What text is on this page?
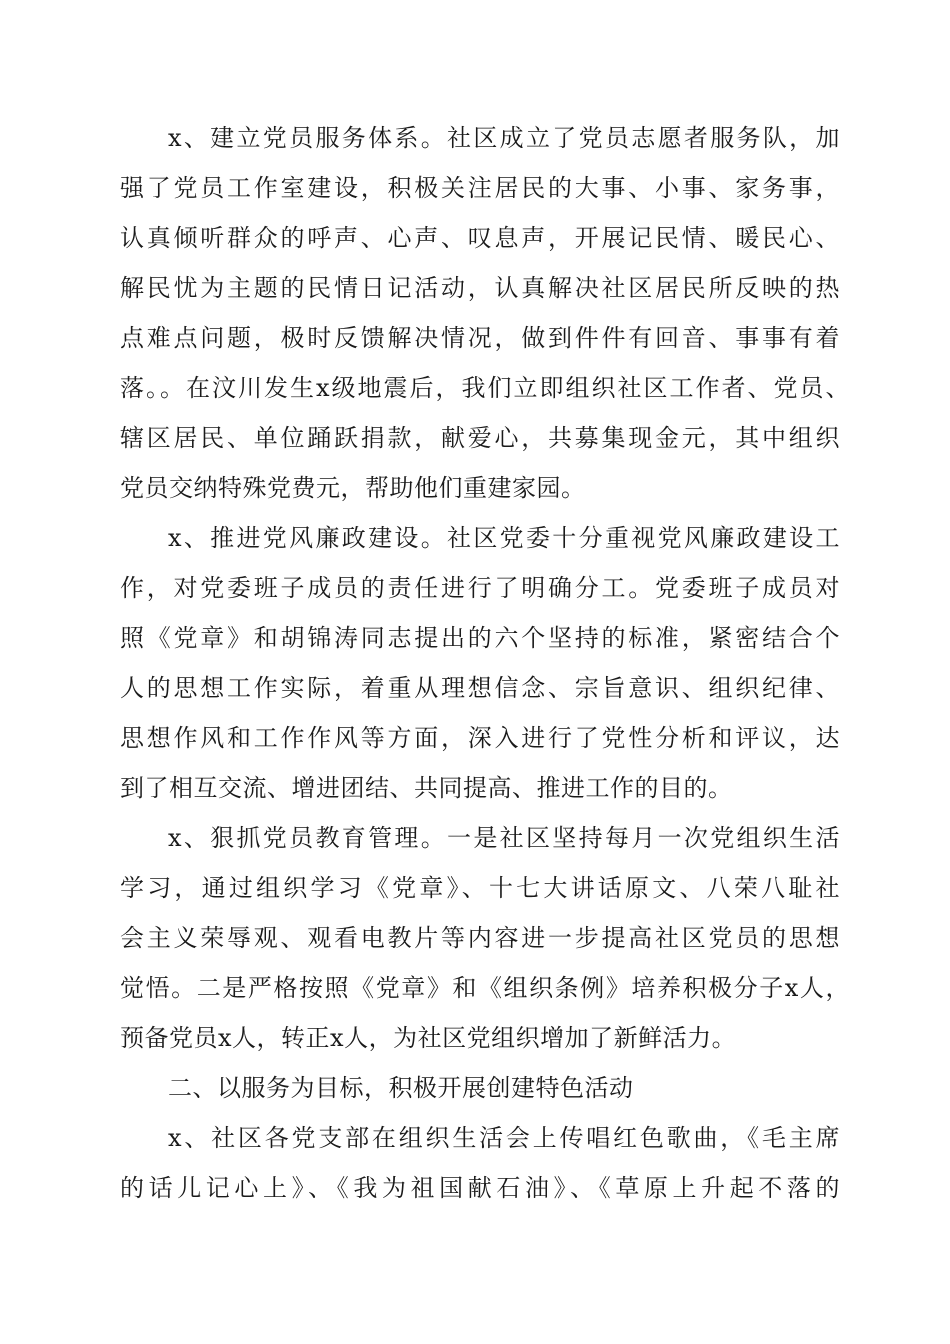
x、建立党员服务体系。社区成立了党员志愿者服务队，加
强了党员工作室建设，积极关注居民的大事、小事、家务事，
认真倾听群众的呼声、心声、叹息声，开展记民情、暖民心、
解民忧为主题的民情日记活动，认真解决社区居民所反映的热
点难点问题，极时反馈解决情况，做到件件有回音、事事有着
落。。在汶川发生x级地震后，我们立即组织社区工作者、党员、
辖区居民、单位踊跃捐款，献爱心，共募集现金元，其中组织
党员交纳特殊党费元，帮助他们重建家园。
x、推进党风廉政建设。社区党委十分重视党风廉政建设工
作，对党委班子成员的责任进行了明确分工。党委班子成员对
照《党章》和胡锦涛同志提出的六个坚持的标准，紧密结合个
人的思想工作实际，着重从理想信念、宗旨意识、组织纪律、
思想作风和工作作风等方面，深入进行了党性分析和评议，达
到了相互交流、增进团结、共同提高、推进工作的目的。
x、狠抓党员教育管理。一是社区坚持每月一次党组织生活
学习，通过组织学习《党章》、十七大讲话原文、八荣八耻社
会主义荣辱观、观看电教片等内容进一步提高社区党员的思想
觉悟。二是严格按照《党章》和《组织条例》培养积极分子x人，
预备党员x人，转正x人，为社区党组织增加了新鲜活力。
二、以服务为目标，积极开展创建特色活动
x、社区各党支部在组织生活会上传唱红色歌曲，《毛主席
的话儿记心上》、《我为祖国献石油》、《草原上升起不落的
